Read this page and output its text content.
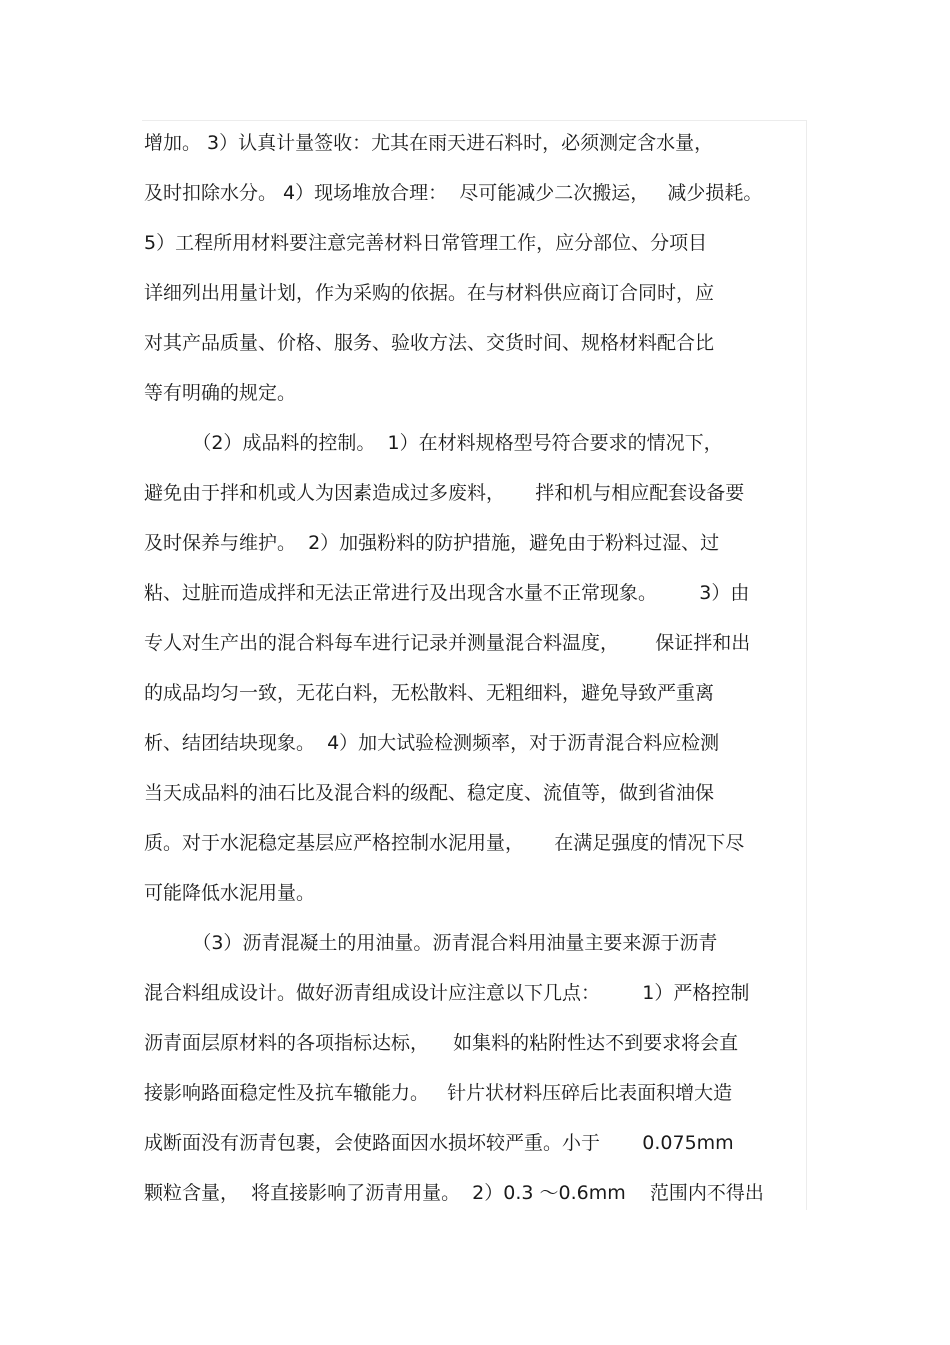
增加。 3）认真计量签收：尤其在雨天进石料时，必须测定含水量，
及时扣除水分。 4）现场堆放合理：  尽可能减少二次搬运，   减少损耗。
5）工程所用材料要注意完善材料日常管理工作，应分部位、分项目
详细列出用量计划，作为采购的依据。在与材料供应商订合同时，应
对其产品质量、价格、服务、验收方法、交货时间、规格材料配合比
等有明确的规定。
（2）成品料的控制。  1）在材料规格型号符合要求的情况下，
避免由于拌和机或人为因素造成过多废料，     拌和机与相应配套设备要
及时保养与维护。  2）加强粉料的防护措施，避免由于粉料过湿、过
粘、过脏而造成拌和无法正常进行及出现含水量不正常现象。       3）由
专人对生产出的混合料每车进行记录并测量混合料温度，      保证拌和出
的成品均匀一致，无花白料，无松散料、无粗细料，避免导致严重离
析、结团结块现象。  4）加大试验检测频率，对于沥青混合料应检测
当天成品料的油石比及混合料的级配、稳定度、流值等，做到省油保
质。对于水泥稳定基层应严格控制水泥用量，     在满足强度的情况下尽
可能降低水泥用量。
（3）沥青混凝土的用油量。沥青混合料用油量主要来源于沥青
混合料组成设计。做好沥青组成设计应注意以下几点：       1）严格控制
沥青面层原材料的各项指标达标，    如集料的粘附性达不到要求将会直
接影响路面稳定性及抗车辙能力。   针片状材料压碎后比表面积增大造
成断面没有沥青包裹，会使路面因水损坏较严重。小于       0.075mm
颗粒含量，  将直接影响了沥青用量。  2）0.3 ～0.6mm    范围内不得出
